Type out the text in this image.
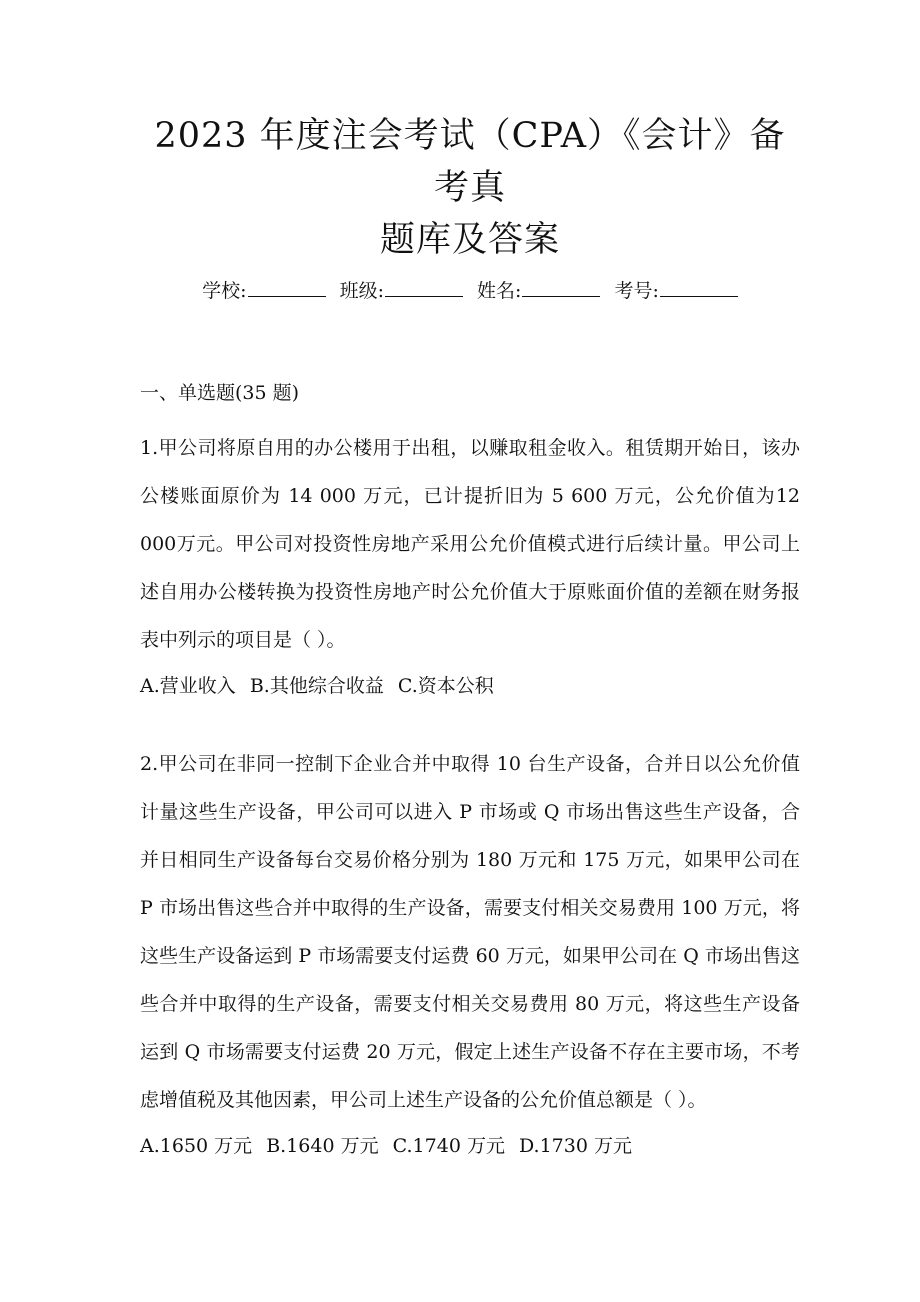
2023 年度注会考试（CPA）《会计》备考真
题库及答案
学校:	班级:	姓名:	考号:
一、单选题(35 题)

1.甲公司将原自用的办公楼用于出租，以赚取租金收入。租赁期开始日，该办公楼账面原价为 14 000 万元，已计提折旧为 5 600 万元，公允价值为12 000万元。甲公司对投资性房地产采用公允价值模式进行后续计量。甲公司上述自用办公楼转换为投资性房地产时公允价值大于原账面价值的差额在财务报表中列示的项目是（ ）。

A.营业收入 B.其他综合收益 C.资本公积

2.甲公司在非同一控制下企业合并中取得 10 台生产设备，合并日以公允价值计量这些生产设备，甲公司可以进入 P 市场或 Q 市场出售这些生产设备，合并日相同生产设备每台交易价格分别为 180 万元和 175 万元，如果甲公司在 P 市场出售这些合并中取得的生产设备，需要支付相关交易费用 100 万元，将这些生产设备运到 P 市场需要支付运费 60 万元，如果甲公司在 Q 市场出售这些合并中取得的生产设备，需要支付相关交易费用 80 万元，将这些生产设备运到 Q 市场需要支付运费 20 万元，假定上述生产设备不存在主要市场，不考虑增值税及其他因素，甲公司上述生产设备的公允价值总额是（ ）。

A.1650 万元 B.1640 万元 C.1740 万元 D.1730 万元
